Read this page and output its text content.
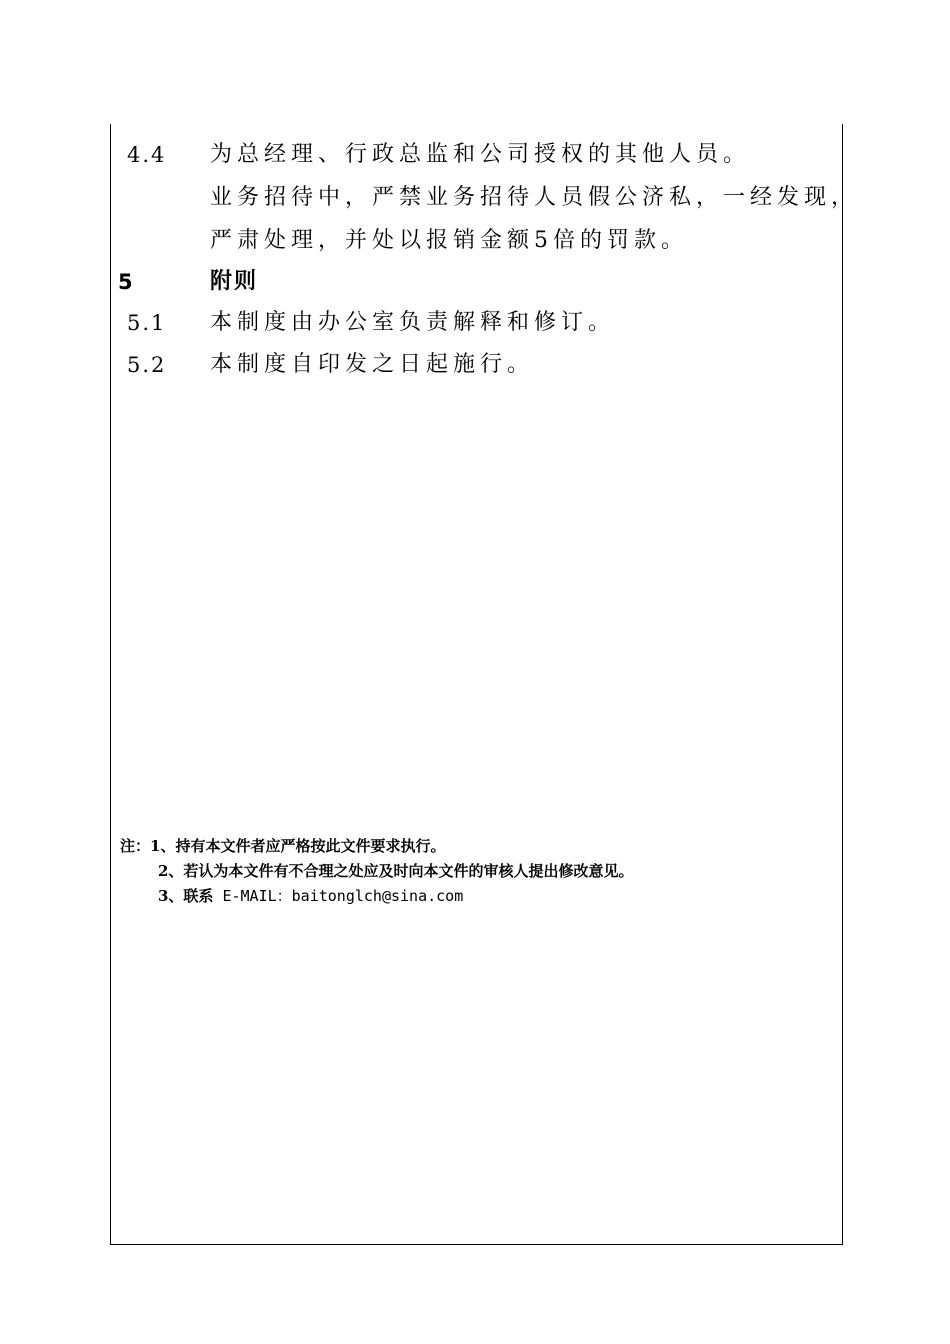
4.4 为总经理、行政总监和公司授权的其他人员。
业务招待中，严禁业务招待人员假公济私，一经发现，
严肃处理，并处以报销金额5倍的罚款。
5	附则
5.1 本制度由办公室负责解释和修订。
5.2 本制度自印发之日起施行。
注：1、持有本文件者应严格按此文件要求执行。
2、若认为本文件有不合理之处应及时向本文件的审核人提出修改意见。
3、联系 E-MAIL：baitonglch@sina.com
